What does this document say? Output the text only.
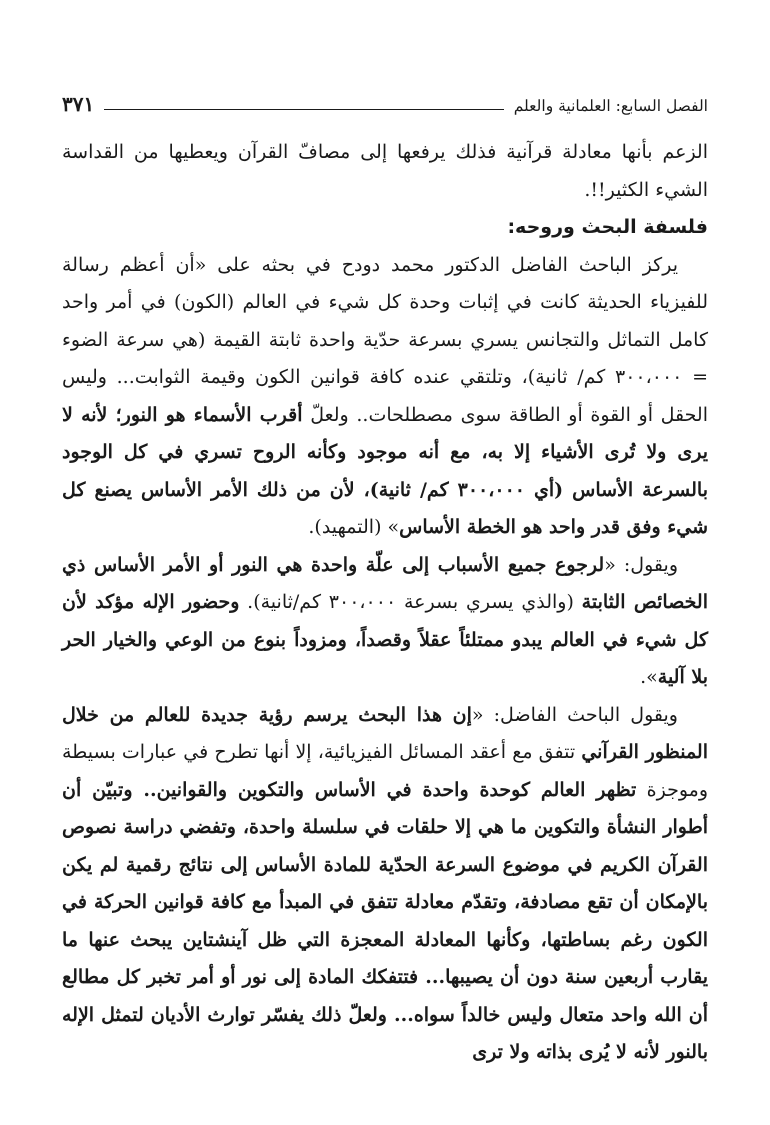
الفصل السابع: العلمانية والعلم
٣٧١

الزعم بأنها معادلة قرآنية فذلك يرفعها إلى مصافّ القرآن ويعطيها من القداسة الشيء الكثير!!.

فلسفة البحث وروحه:

يركز الباحث الفاضل الدكتور محمد دودح في بحثه على «أن أعظم رسالة للفيزياء الحديثة كانت في إثبات وحدة كل شيء في العالم (الكون) في أمر واحد كامل التماثل والتجانس يسري بسرعة حدّية واحدة ثابتة القيمة (هي سرعة الضوء = ٣٠٠،٠٠٠ كم/ ثانية)، وتلتقي عنده كافة قوانين الكون وقيمة الثوابت... وليس الحقل أو القوة أو الطاقة سوى مصطلحات.. ولعلّ أقرب الأسماء هو النور؛ لأنه لا يرى ولا تُرى الأشياء إلا به، مع أنه موجود وكأنه الروح تسري في كل الوجود بالسرعة الأساس (أي ٣٠٠،٠٠٠ كم/ ثانية)، لأن من ذلك الأمر الأساس يصنع كل شيء وفق قدر واحد هو الخطة الأساس» (التمهيد).

ويقول: «لرجوع جميع الأسباب إلى علّة واحدة هي النور أو الأمر الأساس ذي الخصائص الثابتة (والذي يسري بسرعة ٣٠٠،٠٠٠ كم/ثانية). وحضور الإله مؤكد لأن كل شيء في العالم يبدو ممتلئاً عقلاً وقصداً، ومزوداً بنوع من الوعي والخيار الحر بلا آلية».

ويقول الباحث الفاضل: «إن هذا البحث يرسم رؤية جديدة للعالم من خلال المنظور القرآني تتفق مع أعقد المسائل الفيزيائية، إلا أنها تطرح في عبارات بسيطة وموجزة تظهر العالم كوحدة واحدة في الأساس والتكوين والقوانين.. وتبيّن أن أطوار النشأة والتكوين ما هي إلا حلقات في سلسلة واحدة، وتفضي دراسة نصوص القرآن الكريم في موضوع السرعة الحدّية للمادة الأساس إلى نتائج رقمية لم يكن بالإمكان أن تقع مصادفة، وتقدّم معادلة تتفق في المبدأ مع كافة قوانين الحركة في الكون رغم بساطتها، وكأنها المعادلة المعجزة التي ظل آينشتاين يبحث عنها ما يقارب أربعين سنة دون أن يصيبها... فتتفكك المادة إلى نور أو أمر تخبر كل مطالع أن الله واحد متعال وليس خالداً سواه... ولعلّ ذلك يفسّر توارث الأديان لتمثل الإله بالنور لأنه لا يُرى بذاته ولا ترى
